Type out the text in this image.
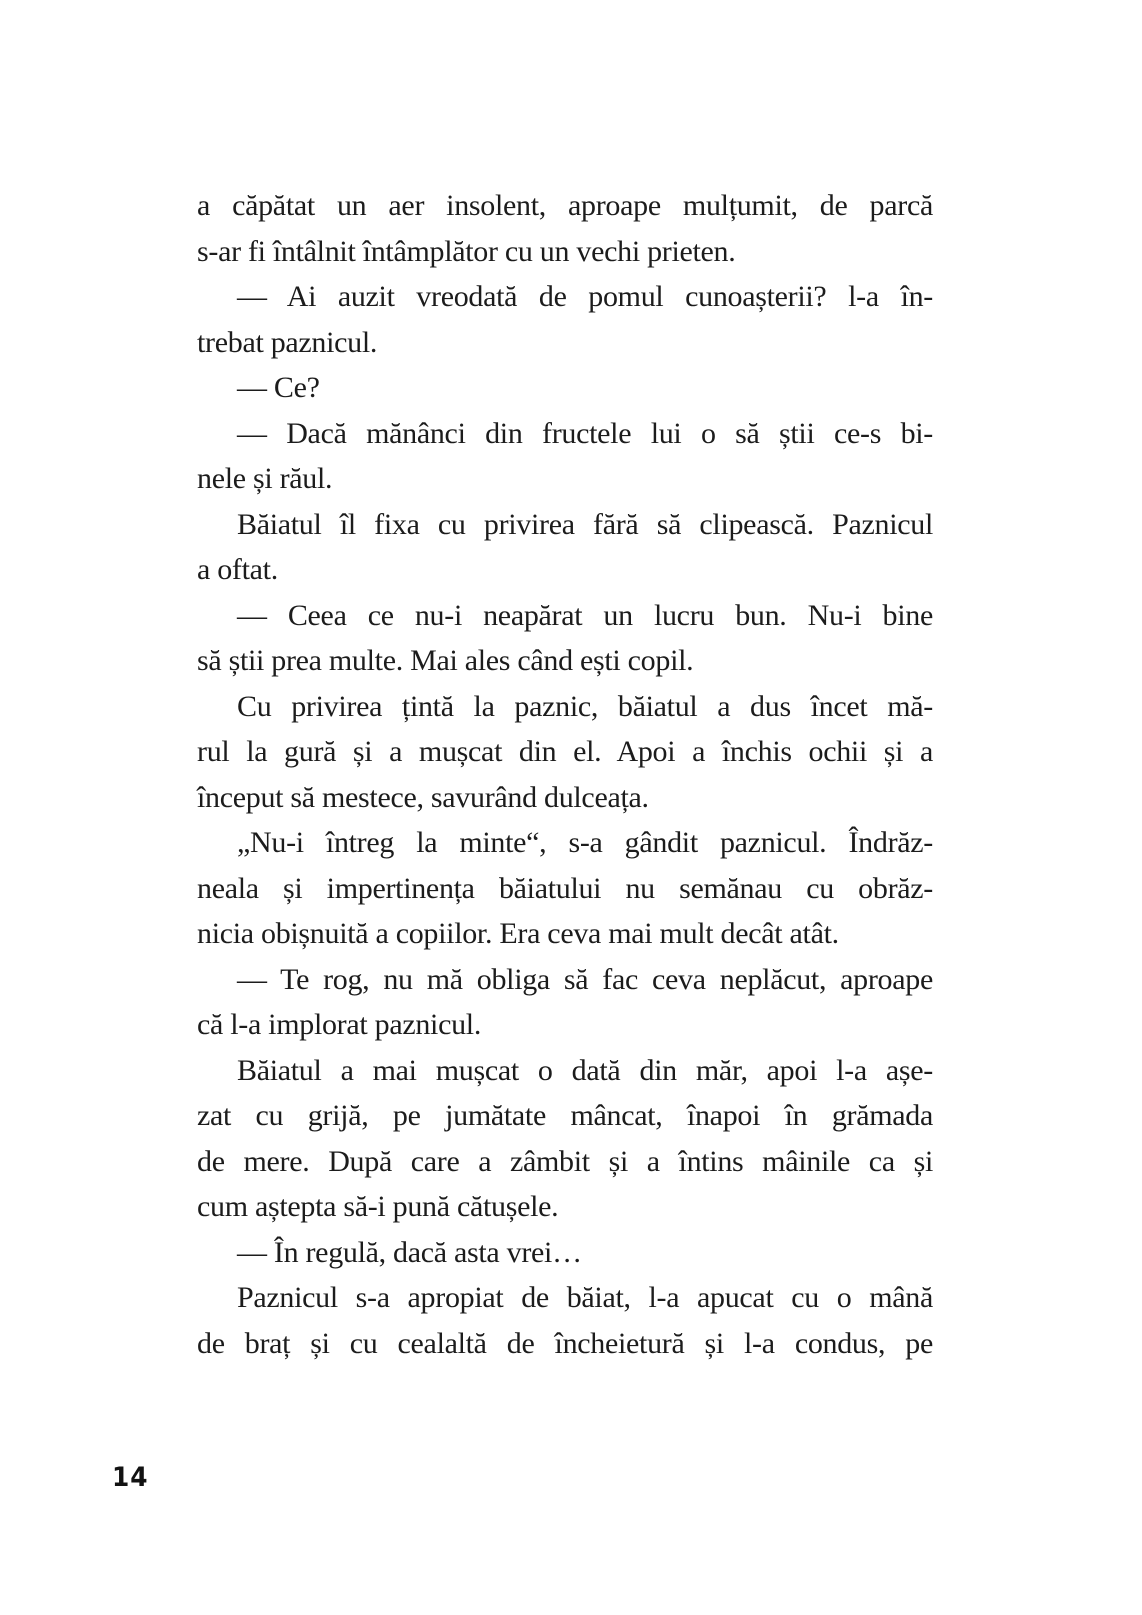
a căpătat un aer insolent, aproape mulțumit, de parcă
s-ar fi întâlnit întâmplător cu un vechi prieten.
— Ai auzit vreodată de pomul cunoașterii? l-a în-
trebat paznicul.
— Ce?
— Dacă mănânci din fructele lui o să știi ce-s bi-
nele și răul.
Băiatul îl fixa cu privirea fără să clipească. Paznicul
a oftat.
— Ceea ce nu-i neapărat un lucru bun. Nu-i bine
să știi prea multe. Mai ales când ești copil.
Cu privirea țintă la paznic, băiatul a dus încet mă-
rul la gură și a mușcat din el. Apoi a închis ochii și a
început să mestece, savurând dulceața.
„Nu-i întreg la minte“, s-a gândit paznicul. Îndrăz-
neala și impertinența băiatului nu semănau cu obrăz-
nicia obișnuită a copiilor. Era ceva mai mult decât atât.
— Te rog, nu mă obliga să fac ceva neplăcut, aproape
că l-a implorat paznicul.
Băiatul a mai mușcat o dată din măr, apoi l-a așe-
zat cu grijă, pe jumătate mâncat, înapoi în grămada
de mere. După care a zâmbit și a întins mâinile ca și
cum aștepta să-i pună cătușele.
— În regulă, dacă asta vrei…
Paznicul s-a apropiat de băiat, l-a apucat cu o mână
de braț și cu cealaltă de încheietură și l-a condus, pe
14
